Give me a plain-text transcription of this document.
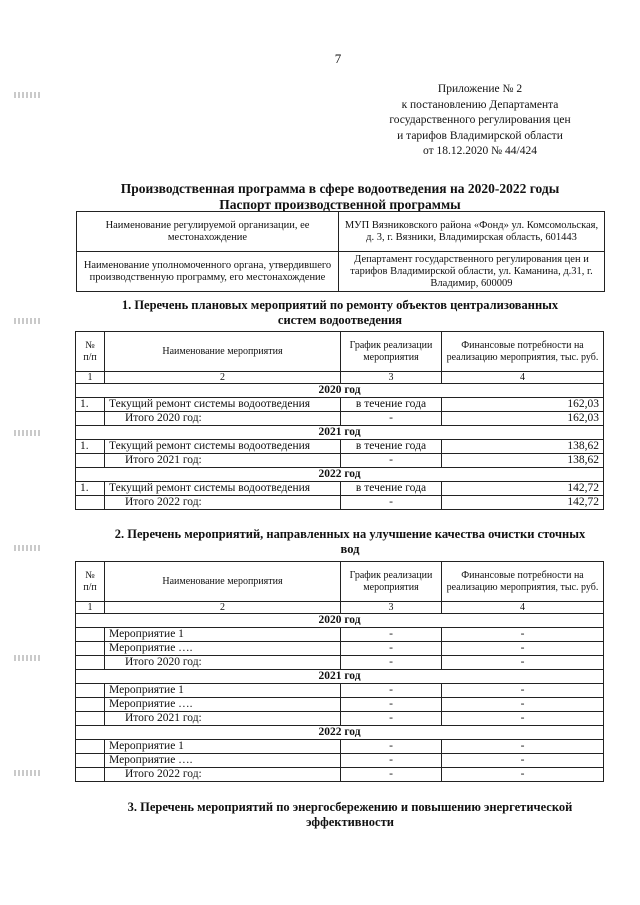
7
Приложение № 2
к постановлению Департамента
государственного регулирования цен
и тарифов Владимирской области
от 18.12.2020 № 44/424
Производственная программа в сфере водоотведения на 2020-2022 годы
Паспорт производственной программы
Наименование регулируемой организации, ее местонахождение	МУП Вязниковского района «Фонд» ул. Комсомольская, д. 3, г. Вязники, Владимирская область, 601443
Наименование уполномоченного органа, утвердившего производственную программу, его местонахождение	Департамент государственного регулирования цен и тарифов Владимирской области, ул. Каманина, д.31, г. Владимир, 600009
1. Перечень плановых мероприятий по ремонту объектов централизованных систем водоотведения
№ п/п	Наименование мероприятия	График реализации мероприятия	Финансовые потребности на реализацию мероприятия, тыс. руб.
1	2	3	4
2020 год			
1.	Текущий ремонт системы водоотведения	в течение года	162,03
	Итого 2020 год:	-	162,03
2021 год			
1.	Текущий ремонт системы водоотведения	в течение года	138,62
	Итого 2021 год:	-	138,62
2022 год			
1.	Текущий ремонт системы водоотведения	в течение года	142,72
	Итого 2022 год:	-	142,72
2. Перечень мероприятий, направленных на улучшение качества очистки сточных вод
№ п/п	Наименование мероприятия	График реализации мероприятия	Финансовые потребности на реализацию мероприятия, тыс. руб.
1	2	3	4
2020 год			
	Мероприятие 1	-	-
	Мероприятие ….	-	-
	Итого 2020 год:	-	-
2021 год			
	Мероприятие 1	-	-
	Мероприятие ….	-	-
	Итого 2021 год:	-	-
2022 год			
	Мероприятие 1	-	-
	Мероприятие ….	-	-
	Итого 2022 год:	-	-
3. Перечень мероприятий по энергосбережению и повышению энергетической эффективности
